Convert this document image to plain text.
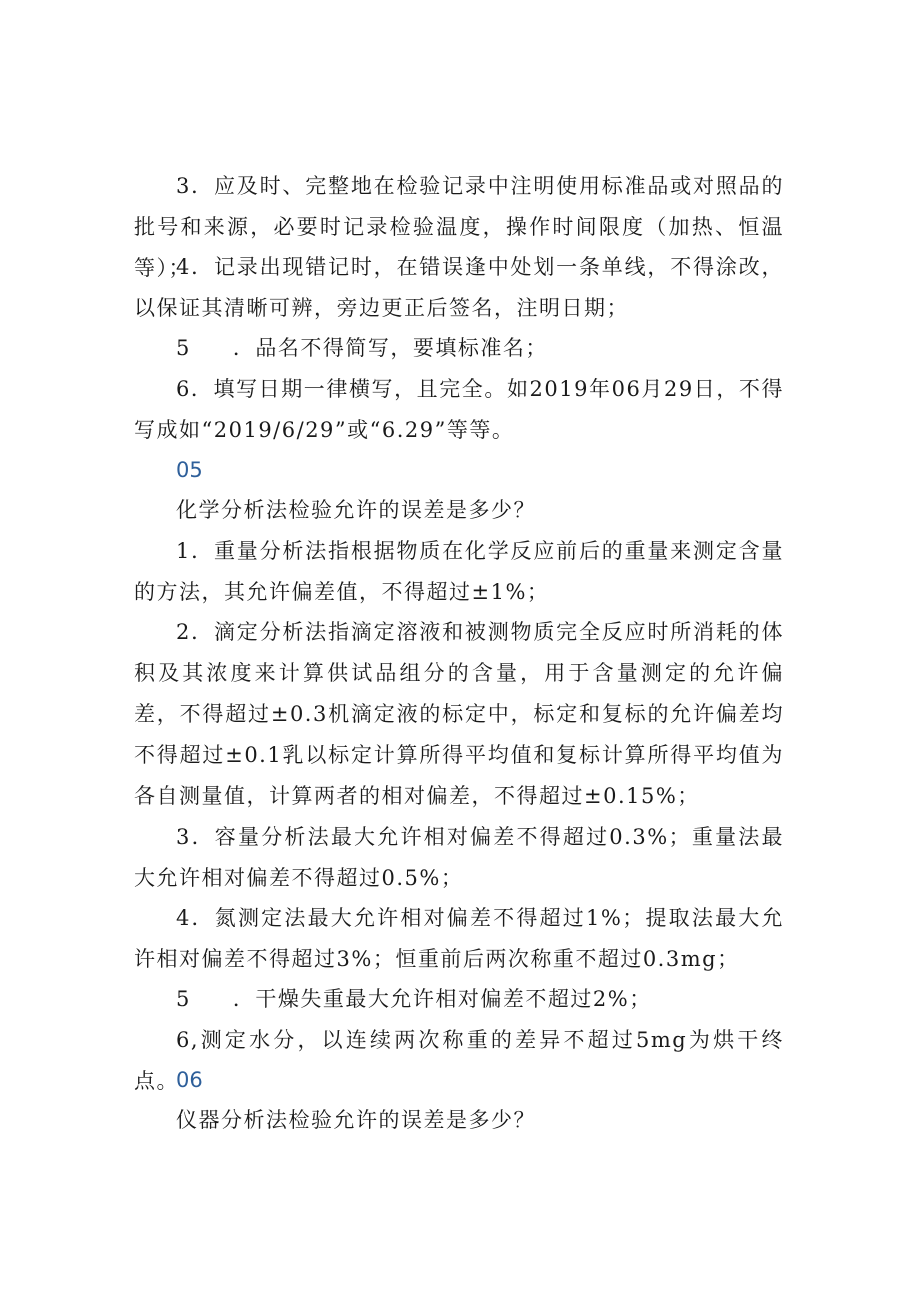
3．应及时、完整地在检验记录中注明使用标准品或对照品的批号和来源，必要时记录检验温度，操作时间限度（加热、恒温等）；

4．记录出现错记时，在错误逢中处划一条单线，不得涂改，以保证其清晰可辨，旁边更正后签名，注明日期；

5 ．品名不得简写，要填标准名；

6．填写日期一律横写，且完全。如2019年06月29日，不得写成如“2019/6/29”或“6.29”等等。

05

化学分析法检验允许的误差是多少？

1．重量分析法指根据物质在化学反应前后的重量来测定含量的方法，其允许偏差值，不得超过±1%；

2．滴定分析法指滴定溶液和被测物质完全反应时所消耗的体积及其浓度来计算供试品组分的含量，用于含量测定的允许偏差，不得超过±0.3机滴定液的标定中，标定和复标的允许偏差均不得超过±0.1乳以标定计算所得平均值和复标计算所得平均值为各自测量值，计算两者的相对偏差，不得超过±0.15%；

3．容量分析法最大允许相对偏差不得超过0.3%；重量法最大允许相对偏差不得超过0.5%；

4．氮测定法最大允许相对偏差不得超过1%；提取法最大允许相对偏差不得超过3%；恒重前后两次称重不超过0.3mg；

5 ．干燥失重最大允许相对偏差不超过2%；

6,测定水分，以连续两次称重的差异不超过5mg为烘干终点。

06

仪器分析法检验允许的误差是多少？
